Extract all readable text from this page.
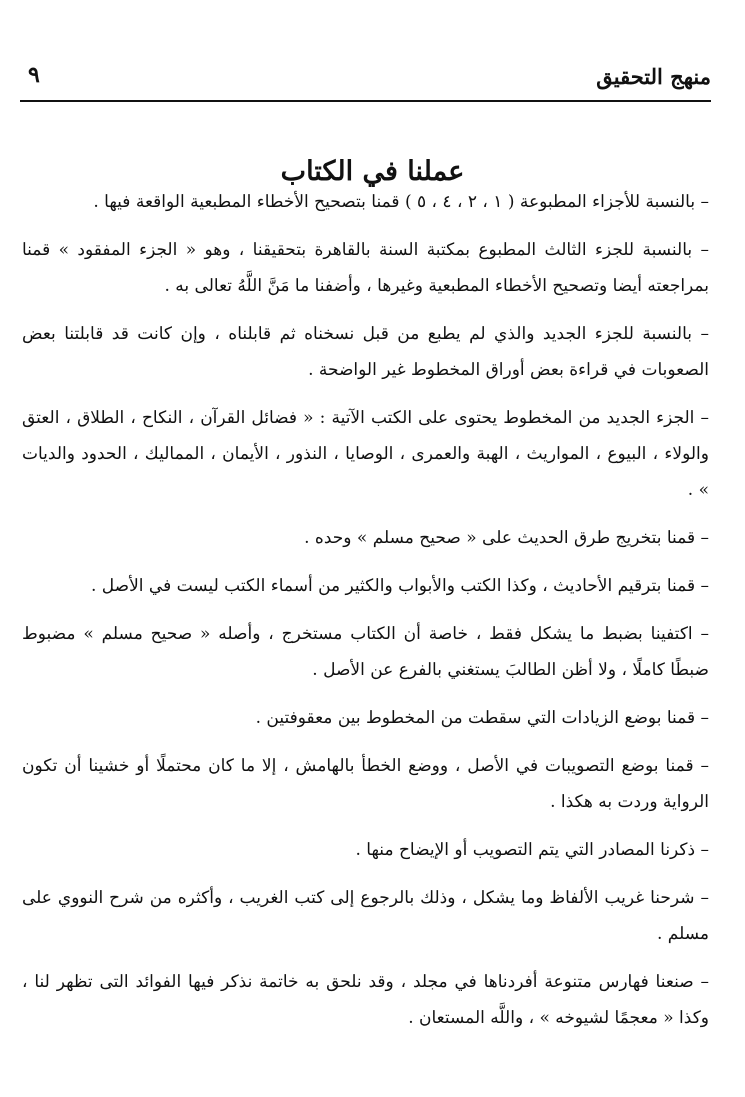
منهج التحقيق
٩
عملنا في الكتاب

– بالنسبة للأجزاء المطبوعة ( ١ ، ٢ ، ٤ ، ٥ ) قمنا بتصحيح الأخطاء المطبعية الواقعة فيها .

– بالنسبة للجزء الثالث المطبوع بمكتبة السنة بالقاهرة بتحقيقنا ، وهو « الجزء المفقود » قمنا بمراجعته أيضا وتصحيح الأخطاء المطبعية وغيرها ، وأضفنا ما مَنَّ اللَّهُ تعالى به .

– بالنسبة للجزء الجديد والذي لم يطبع من قبل نسخناه ثم قابلناه ، وإن كانت قد قابلتنا بعض الصعوبات في قراءة بعض أوراق المخطوط غير الواضحة .

– الجزء الجديد من المخطوط يحتوى على الكتب الآتية : « فضائل القرآن ، النكاح ، الطلاق ، العتق والولاء ، البيوع ، المواريث ، الهبة والعمرى ، الوصايا ، النذور ، الأيمان ، المماليك ، الحدود والديات » .

– قمنا بتخريج طرق الحديث على « صحيح مسلم » وحده .

– قمنا بترقيم الأحاديث ، وكذا الكتب والأبواب والكثير من أسماء الكتب ليست في الأصل .

– اكتفينا بضبط ما يشكل فقط ، خاصة أن الكتاب مستخرج ، وأصله « صحيح مسلم » مضبوط ضبطًا كاملًا ، ولا أظن الطالبَ يستغني بالفرع عن الأصل .

– قمنا بوضع الزيادات التي سقطت من المخطوط بين معقوفتين .

– قمنا بوضع التصويبات في الأصل ، ووضع الخطأ بالهامش ، إلا ما كان محتملًا أو خشينا أن تكون الرواية وردت به هكذا .

– ذكرنا المصادر التي يتم التصويب أو الإيضاح منها .

– شرحنا غريب الألفاظ وما يشكل ، وذلك بالرجوع إلى كتب الغريب ، وأكثره من شرح النووي على مسلم .

– صنعنا فهارس متنوعة أفردناها في مجلد ، وقد نلحق به خاتمة نذكر فيها الفوائد التى تظهر لنا ، وكذا « معجمًا لشيوخه » ، واللَّه المستعان .
